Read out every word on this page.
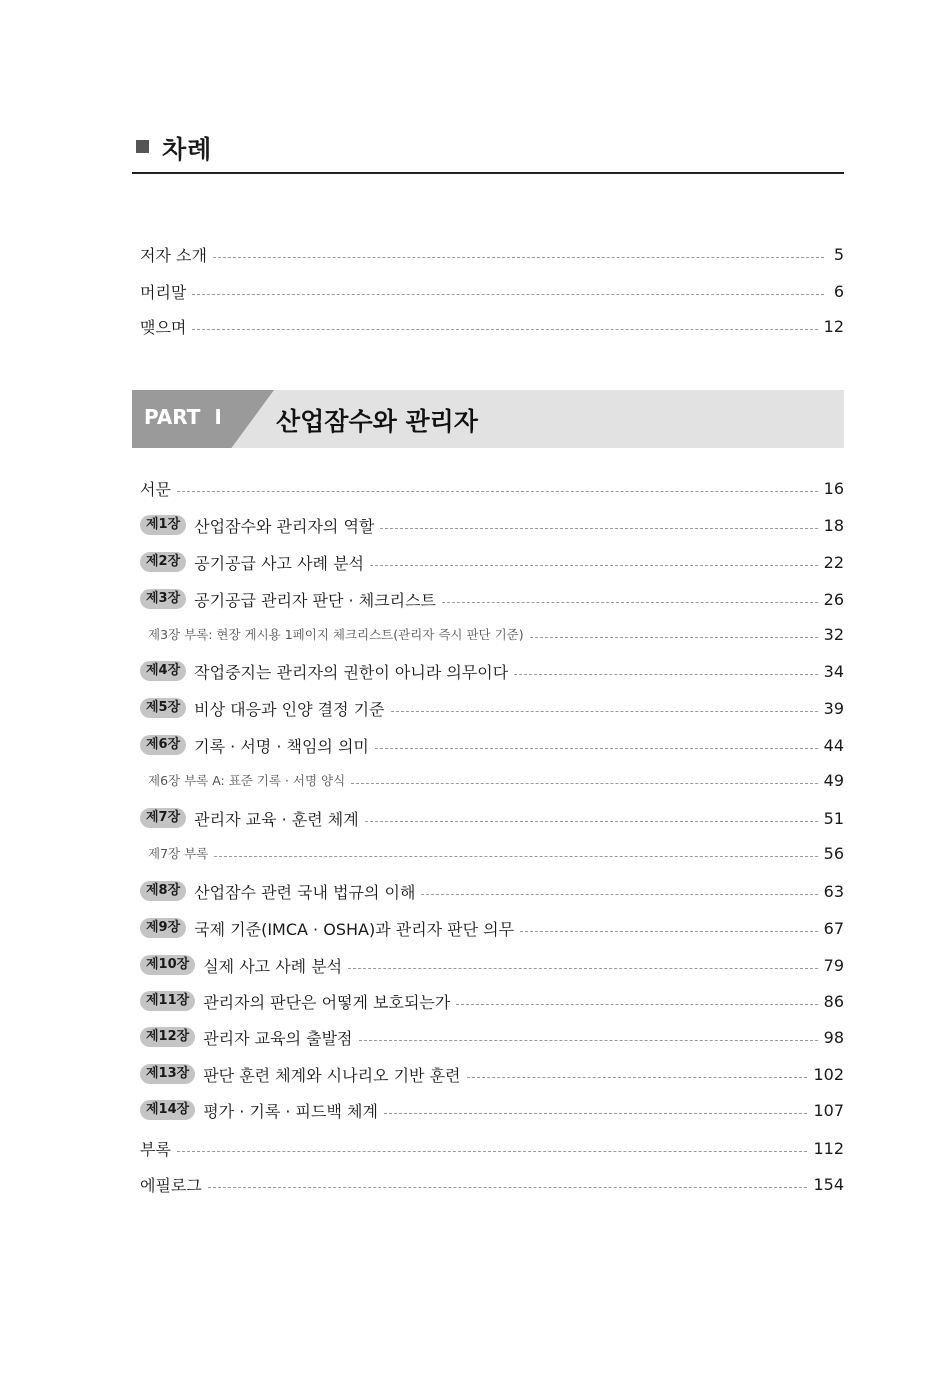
차례
저자 소개	5
머리말	6
맺으며	12
PART  Ⅰ 산업잠수와 관리자
서문	16
제1장 산업잠수와 관리자의 역할	18
제2장 공기공급 사고 사례 분석	22
제3장 공기공급 관리자 판단 · 체크리스트	26
제3장 부록: 현장 게시용 1페이지 체크리스트(관리자 즉시 판단 기준)	32
제4장 작업중지는 관리자의 권한이 아니라 의무이다	34
제5장 비상 대응과 인양 결정 기준	39
제6장 기록 · 서명 · 책임의 의미	44
제6장 부록 A: 표준 기록 · 서명 양식	49
제7장 관리자 교육 · 훈련 체계	51
제7장 부록	56
제8장 산업잠수 관련 국내 법규의 이해	63
제9장 국제 기준(IMCA · OSHA)과 관리자 판단 의무	67
제10장 실제 사고 사례 분석	79
제11장 관리자의 판단은 어떻게 보호되는가	86
제12장 관리자 교육의 출발점	98
제13장 판단 훈련 체계와 시나리오 기반 훈련	102
제14장 평가 · 기록 · 피드백 체계	107
부록	112
에필로그	154
